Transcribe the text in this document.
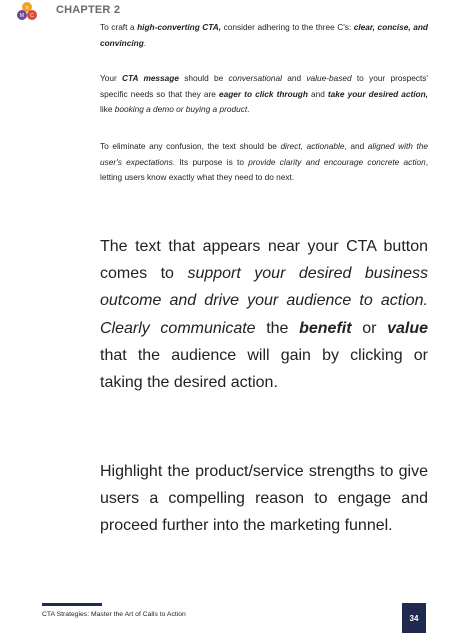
s
M C CHAPTER 2

To craft a high-converting CTA, consider adhering to the three C's: clear, concise, and convincing.

Your CTA message should be conversational and value-based to your prospects' specific needs so that they are eager to click through and take your desired action, like booking a demo or buying a product.

To eliminate any confusion, the text should be direct, actionable, and aligned with the user's expectations. Its purpose is to provide clarity and encourage concrete action, letting users know exactly what they need to do next.

The text that appears near your CTA button comes to support your desired business outcome and drive your audience to action. Clearly communicate the benefit or value that the audience will gain by clicking or taking the desired action.

Highlight the product/service strengths to give users a compelling reason to engage and proceed further into the marketing funnel.

CTA Strategies: Master the Art of Calls to Action	34
